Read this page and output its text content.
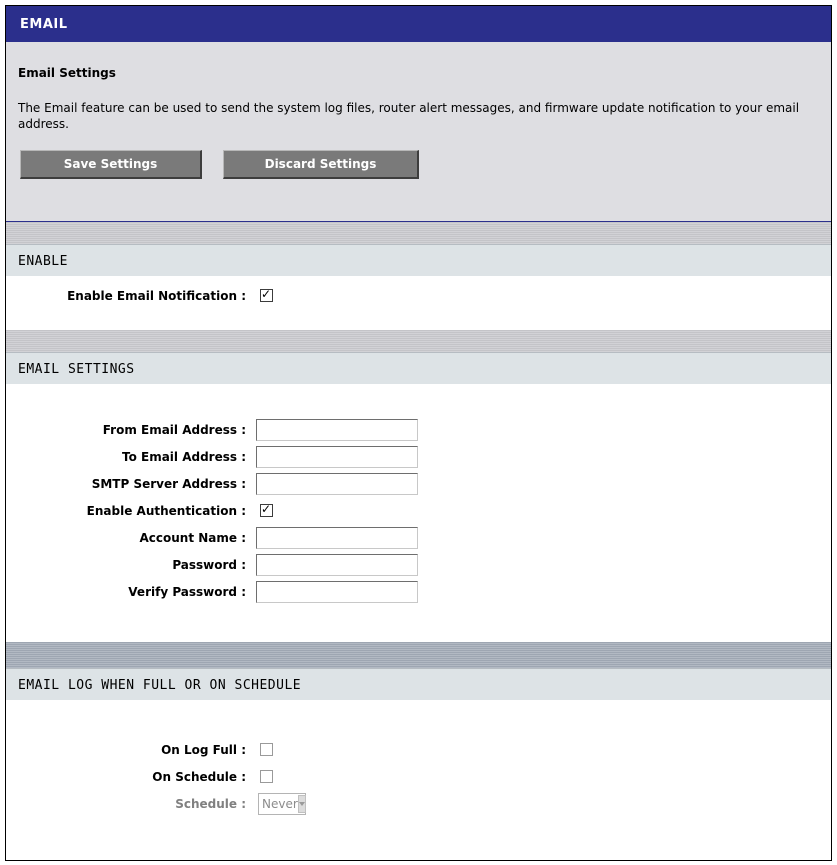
EMAIL
Email Settings
The Email feature can be used to send the system log files, router alert messages, and firmware update notification to your email address.
Save Settings	Discard Settings
ENABLE
Enable Email Notification :	✓
EMAIL SETTINGS
From Email Address :
To Email Address :
SMTP Server Address :
Enable Authentication :	✓
Account Name :
Password :
Verify Password :
EMAIL LOG WHEN FULL OR ON SCHEDULE
On Log Full :
On Schedule :
Schedule :	Never
